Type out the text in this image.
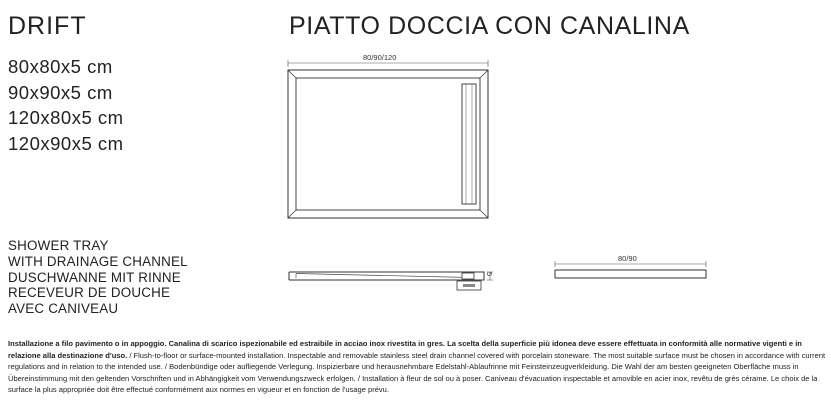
DRIFT
80x80x5 cm
90x90x5 cm
120x80x5 cm
120x90x5 cm
PIATTO DOCCIA CON CANALINA
80/90/120
5
80/90
SHOWER TRAY
WITH DRAINAGE CHANNEL
DUSCHWANNE MIT RINNE
RECEVEUR DE DOUCHE
AVEC CANIVEAU
Installazione a filo pavimento o in appoggio. Canalina di scarico ispezionabile ed estraibile in acciao inox rivestita in gres. La scelta della superficie più idonea deve essere effettuata in conformità alle normative vigenti e in relazione alla destinazione d'uso. / Flush-to-floor or surface-mounted installation. Inspectable and removable stainless steel drain channel covered with porcelain stoneware. The most suitable surface must be chosen in accordance with current regulations and in relation to the intended use. / Bodenbündige oder aufliegende Verlegung. Inspizierbare und herausnehmbare Edelstahl-Ablaufrinne mit Feinsteinzeugverkleidung. Die Wahl der am besten geeigneten Oberfläche muss in Übereinstimmung mit den geltenden Vorschriften und in Abhängigkeit vom Verwendungszweck erfolgen. / Installation à fleur de sol ou à poser. Caniveau d'évacuation inspectable et amovible en acier inox, revêtu de grès cérame. Le choix de la surface la plus appropriée doit être effectué conformément aux normes en vigueur et en fonction de l'usage prévu.
